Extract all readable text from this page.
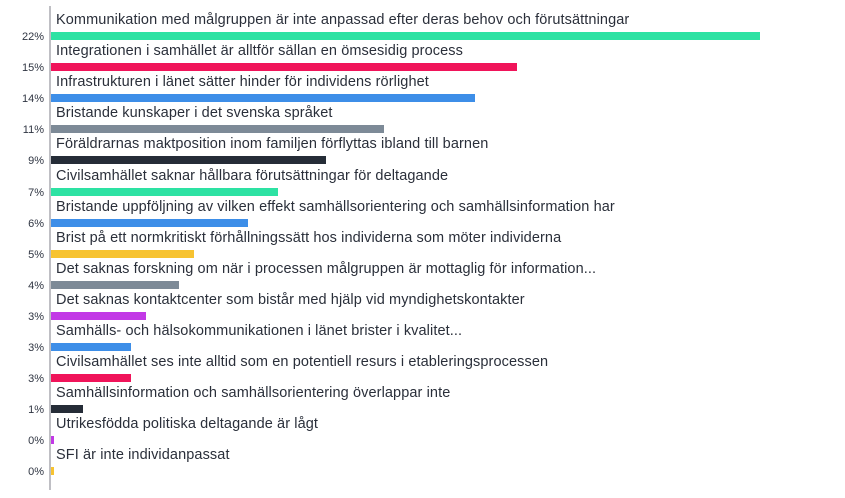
22%
Kommunikation med målgruppen är inte anpassad efter deras behov och förutsättningar
15%
Integrationen i samhället är alltför sällan en ömsesidig process
14%
Infrastrukturen i länet sätter hinder för individens rörlighet
11%
Bristande kunskaper i det svenska språket
9%
Föräldrarnas maktposition inom familjen förflyttas ibland till barnen
7%
Civilsamhället saknar hållbara förutsättningar för deltagande
6%
Bristande uppföljning av vilken effekt samhällsorientering och samhällsinformation har
5%
Brist på ett normkritiskt förhållningssätt hos individerna som möter individerna
4%
Det saknas forskning om när i processen målgruppen är mottaglig för information...
3%
Det saknas kontaktcenter som bistår med hjälp vid myndighetskontakter
3%
Samhälls- och hälsokommunikationen i länet brister i kvalitet...
3%
Civilsamhället ses inte alltid som en potentiell resurs i etableringsprocessen
1%
Samhällsinformation och samhällsorientering överlappar inte
0%
Utrikesfödda politiska deltagande är lågt
0%
SFI är inte individanpassat
